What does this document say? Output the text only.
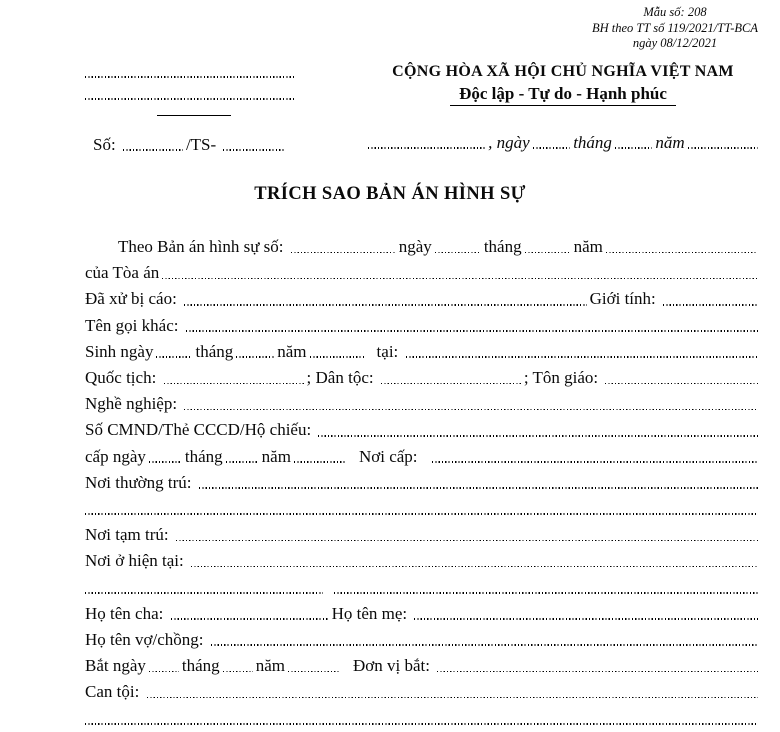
Mẫu số: 208
BH theo TT số 119/2021/TT-BCA
ngày 08/12/2021
Số:	/TS-
CỘNG HÒA XÃ HỘI CHỦ NGHĨA VIỆT NAM
Độc lập - Tự do - Hạnh phúc
, ngày	tháng	năm
TRÍCH SAO BẢN ÁN HÌNH SỰ
Theo Bản án hình sự số:	ngày	tháng	năm
của Tòa án
Đã xử bị cáo:	Giới tính:
Tên gọi khác:
Sinh ngày tháng	năm	tại:
Quốc tịch:	; Dân tộc:	; Tôn giáo:
Nghề nghiệp:
Số CMND/Thẻ CCCD/Hộ chiếu:
cấp ngày tháng năm	Nơi cấp:
Nơi thường trú:
Nơi tạm trú:
Nơi ở hiện tại:
Họ tên cha:	Họ tên mẹ:
Họ tên vợ/chồng:
Bắt ngày tháng năm	Đơn vị bắt:
Can tội:
